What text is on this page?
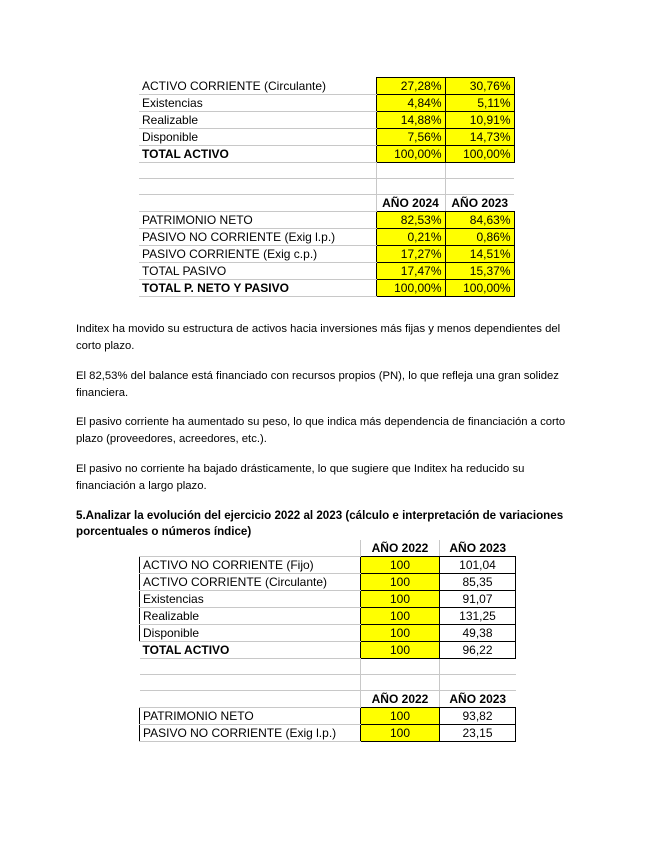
ACTIVO CORRIENTE (Circulante)	27,28%	30,76%
Existencias	4,84%	5,11%
Realizable	14,88%	10,91%
Disponible	7,56%	14,73%
TOTAL ACTIVO	100,00%	100,00%

	AÑO 2024	AÑO 2023
PATRIMONIO NETO	82,53%	84,63%
PASIVO NO CORRIENTE (Exig l.p.)	0,21%	0,86%
PASIVO CORRIENTE (Exig c.p.)	17,27%	14,51%
TOTAL PASIVO	17,47%	15,37%
TOTAL P. NETO Y PASIVO	100,00%	100,00%

Inditex ha movido su estructura de activos hacia inversiones más fijas y menos dependientes del corto plazo.

El 82,53% del balance está financiado con recursos propios (PN), lo que refleja una gran solidez financiera.

El pasivo corriente ha aumentado su peso, lo que indica más dependencia de financiación a corto plazo (proveedores, acreedores, etc.).

El pasivo no corriente ha bajado drásticamente, lo que sugiere que Inditex ha reducido su financiación a largo plazo.

5.Analizar la evolución del ejercicio 2022 al 2023 (cálculo e interpretación de variaciones porcentuales o números índice)

	AÑO 2022	AÑO 2023
ACTIVO NO CORRIENTE (Fijo)	100	101,04
ACTIVO CORRIENTE (Circulante)	100	85,35
Existencias	100	91,07
Realizable	100	131,25
Disponible	100	49,38
TOTAL ACTIVO	100	96,22

	AÑO 2022	AÑO 2023
PATRIMONIO NETO	100	93,82
PASIVO NO CORRIENTE (Exig l.p.)	100	23,15
